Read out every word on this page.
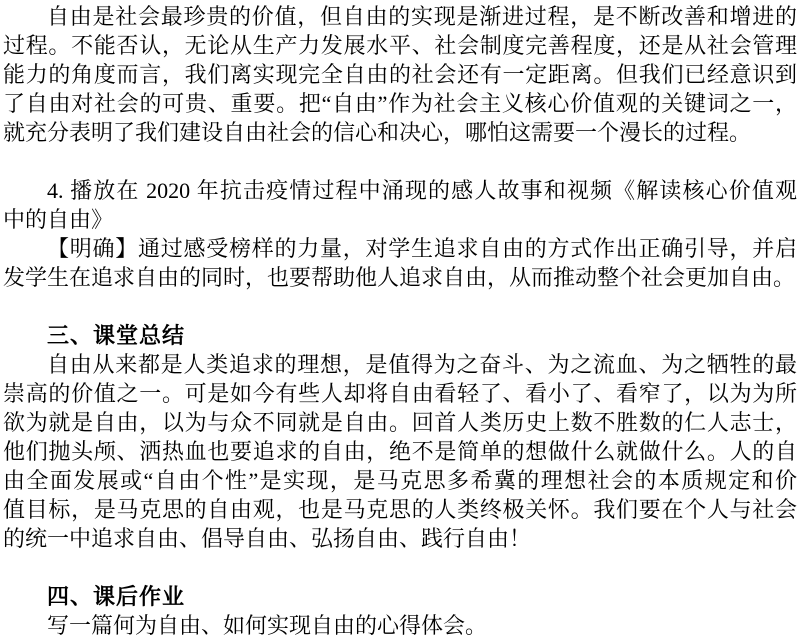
自由是社会最珍贵的价值，但自由的实现是渐进过程，是不断改善和增进的
过程。不能否认，无论从生产力发展水平、社会制度完善程度，还是从社会管理
能力的角度而言，我们离实现完全自由的社会还有一定距离。但我们已经意识到
了自由对社会的可贵、重要。把“自由”作为社会主义核心价值观的关键词之一，
就充分表明了我们建设自由社会的信心和决心，哪怕这需要一个漫长的过程。
4. 播放在 2020 年抗击疫情过程中涌现的感人故事和视频《解读核心价值观
中的自由》
【明确】通过感受榜样的力量，对学生追求自由的方式作出正确引导，并启
发学生在追求自由的同时，也要帮助他人追求自由，从而推动整个社会更加自由。
三、课堂总结
自由从来都是人类追求的理想，是值得为之奋斗、为之流血、为之牺牲的最
崇高的价值之一。可是如今有些人却将自由看轻了、看小了、看窄了，以为为所
欲为就是自由，以为与众不同就是自由。回首人类历史上数不胜数的仁人志士，
他们抛头颅、洒热血也要追求的自由，绝不是简单的想做什么就做什么。人的自
由全面发展或“自由个性”是实现，是马克思多希冀的理想社会的本质规定和价
值目标，是马克思的自由观，也是马克思的人类终极关怀。我们要在个人与社会
的统一中追求自由、倡导自由、弘扬自由、践行自由！
四、课后作业
写一篇何为自由、如何实现自由的心得体会。
